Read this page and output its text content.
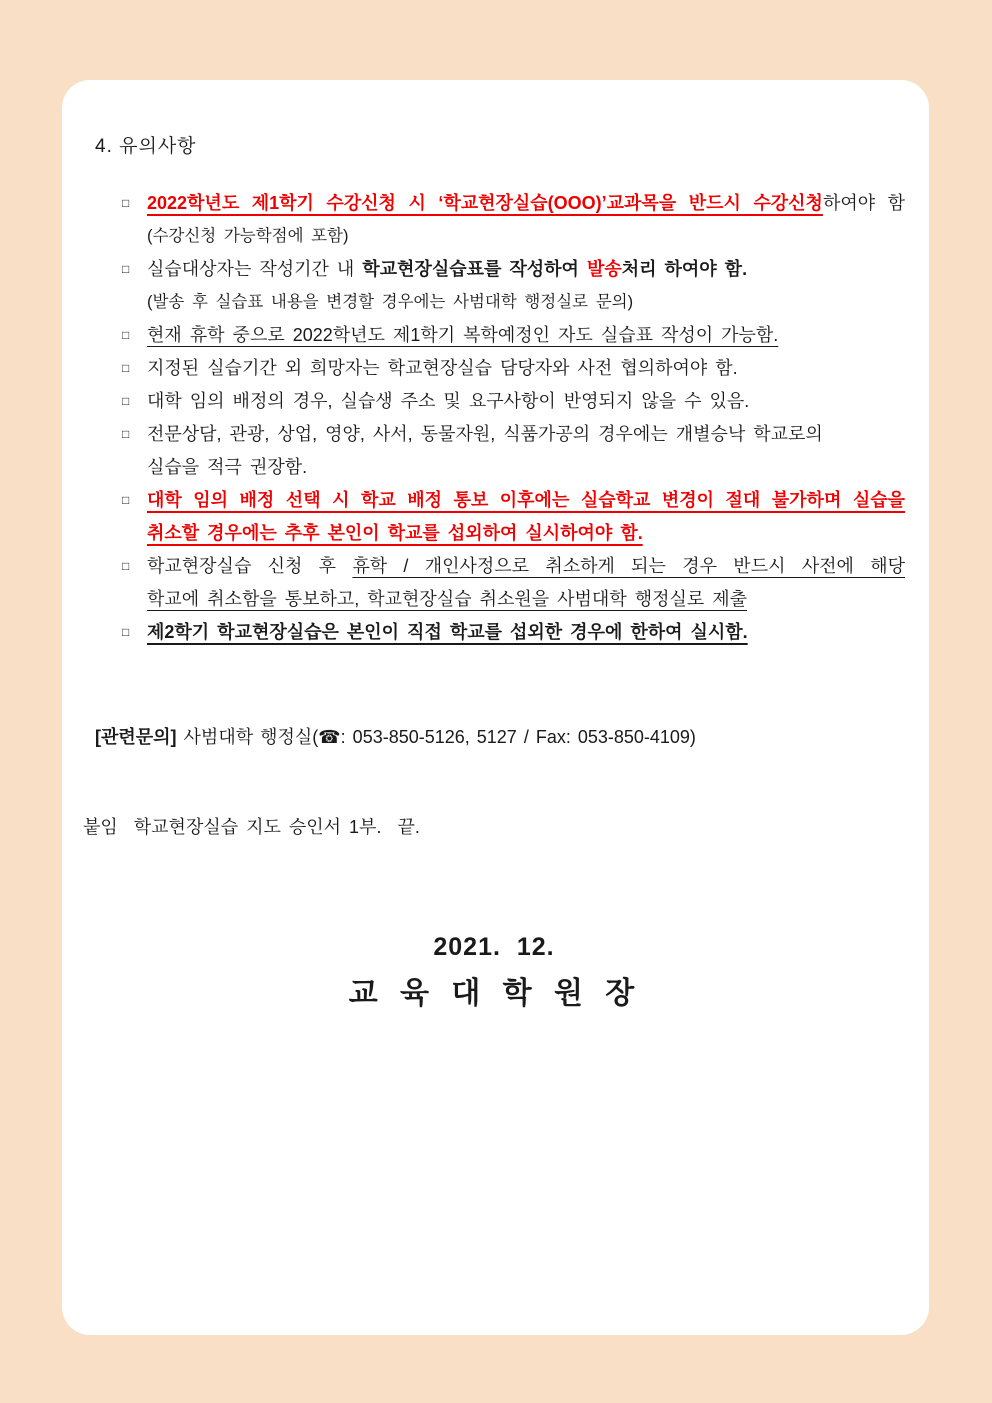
4. 유의사항
□ 2022학년도 제1학기 수강신청 시 ‘학교현장실습(OOO)’교과목을 반드시 수강신청하여야 함
(수강신청 가능학점에 포함)
□ 실습대상자는 작성기간 내 학교현장실습표를 작성하여 발송처리 하여야 함.
(발송 후 실습표 내용을 변경할 경우에는 사범대학 행정실로 문의)
□ 현재 휴학 중으로 2022학년도 제1학기 복학예정인 자도 실습표 작성이 가능함.
□ 지정된 실습기간 외 희망자는 학교현장실습 담당자와 사전 협의하여야 함.
□ 대학 임의 배정의 경우, 실습생 주소 및 요구사항이 반영되지 않을 수 있음.
□ 전문상담, 관광, 상업, 영양, 사서, 동물자원, 식품가공의 경우에는 개별승낙 학교로의
실습을 적극 권장함.
□ 대학 임의 배정 선택 시 학교 배정 통보 이후에는 실습학교 변경이 절대 불가하며 실습을
취소할 경우에는 추후 본인이 학교를 섭외하여 실시하여야 함.
□ 학교현장실습 신청 후 휴학 / 개인사정으로 취소하게 되는 경우 반드시 사전에 해당
학교에 취소함을 통보하고, 학교현장실습 취소원을 사범대학 행정실로 제출
□ 제2학기 학교현장실습은 본인이 직접 학교를 섭외한 경우에 한하여 실시함.
[관련문의] 사범대학 행정실(☎: 053-850-5126, 5127 / Fax: 053-850-4109)
붙임  학교현장실습 지도 승인서 1부.  끝.
2021. 12.
교 육 대 학 원 장
